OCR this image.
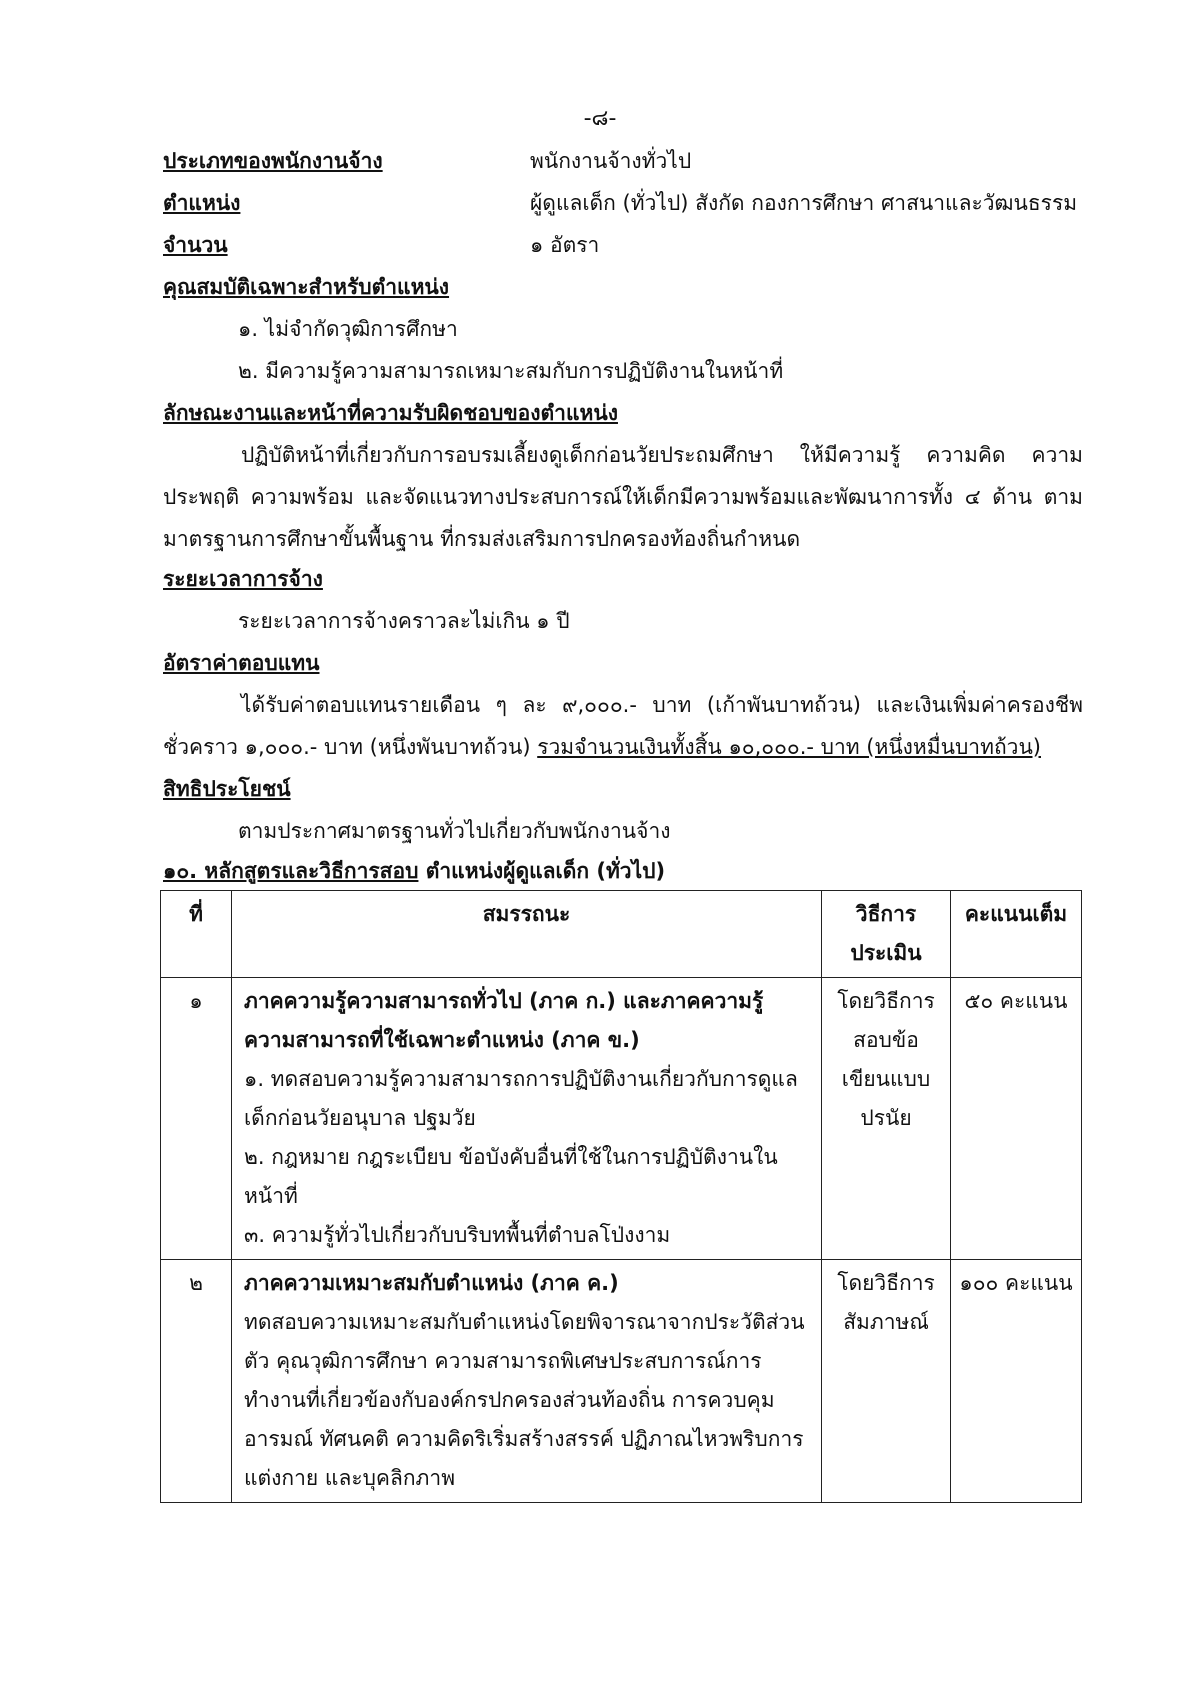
-๘-
ประเภทของพนักงานจ้าง	พนักงานจ้างทั่วไป
ตำแหน่ง	ผู้ดูแลเด็ก (ทั่วไป) สังกัด กองการศึกษา ศาสนาและวัฒนธรรม
จำนวน	๑ อัตรา
คุณสมบัติเฉพาะสำหรับตำแหน่ง
๑. ไม่จำกัดวุฒิการศึกษา
๒. มีความรู้ความสามารถเหมาะสมกับการปฏิบัติงานในหน้าที่
ลักษณะงานและหน้าที่ความรับผิดชอบของตำแหน่ง
ปฏิบัติหน้าที่เกี่ยวกับการอบรมเลี้ยงดูเด็กก่อนวัยประถมศึกษา ให้มีความรู้ ความคิด ความประพฤติ ความพร้อม และจัดแนวทางประสบการณ์ให้เด็กมีความพร้อมและพัฒนาการทั้ง ๔ ด้าน ตามมาตรฐานการศึกษาขั้นพื้นฐาน ที่กรมส่งเสริมการปกครองท้องถิ่นกำหนด
ระยะเวลาการจ้าง
ระยะเวลาการจ้างคราวละไม่เกิน ๑ ปี
อัตราค่าตอบแทน
ได้รับค่าตอบแทนรายเดือน ๆ ละ ๙,๐๐๐.- บาท (เก้าพันบาทถ้วน) และเงินเพิ่มค่าครองชีพชั่วคราว ๑,๐๐๐.- บาท (หนึ่งพันบาทถ้วน) รวมจำนวนเงินทั้งสิ้น ๑๐,๐๐๐.- บาท (หนึ่งหมื่นบาทถ้วน)
สิทธิประโยชน์
ตามประกาศมาตรฐานทั่วไปเกี่ยวกับพนักงานจ้าง
๑๐. หลักสูตรและวิธีการสอบ ตำแหน่งผู้ดูแลเด็ก (ทั่วไป)
ที่	สมรรถนะ	วิธีการประเมิน	คะแนนเต็ม
๑	ภาคความรู้ความสามารถทั่วไป (ภาค ก.) และภาคความรู้ความสามารถที่ใช้เฉพาะตำแหน่ง (ภาค ข.)
๑. ทดสอบความรู้ความสามารถการปฏิบัติงานเกี่ยวกับการดูแลเด็กก่อนวัยอนุบาล ปฐมวัย
๒. กฎหมาย กฎระเบียบ ข้อบังคับอื่นที่ใช้ในการปฏิบัติงานในหน้าที่
๓. ความรู้ทั่วไปเกี่ยวกับบริบทพื้นที่ตำบลโป่งงาม	โดยวิธีการสอบข้อเขียนแบบปรนัย	๕๐ คะแนน
๒	ภาคความเหมาะสมกับตำแหน่ง (ภาค ค.)
ทดสอบความเหมาะสมกับตำแหน่งโดยพิจารณาจากประวัติส่วนตัว คุณวุฒิการศึกษา ความสามารถพิเศษประสบการณ์การทำงานที่เกี่ยวข้องกับองค์กรปกครองส่วนท้องถิ่น การควบคุมอารมณ์ ทัศนคติ ความคิดริเริ่มสร้างสรรค์ ปฏิภาณไหวพริบการแต่งกาย และบุคลิกภาพ	โดยวิธีการสัมภาษณ์	๑๐๐ คะแนน
